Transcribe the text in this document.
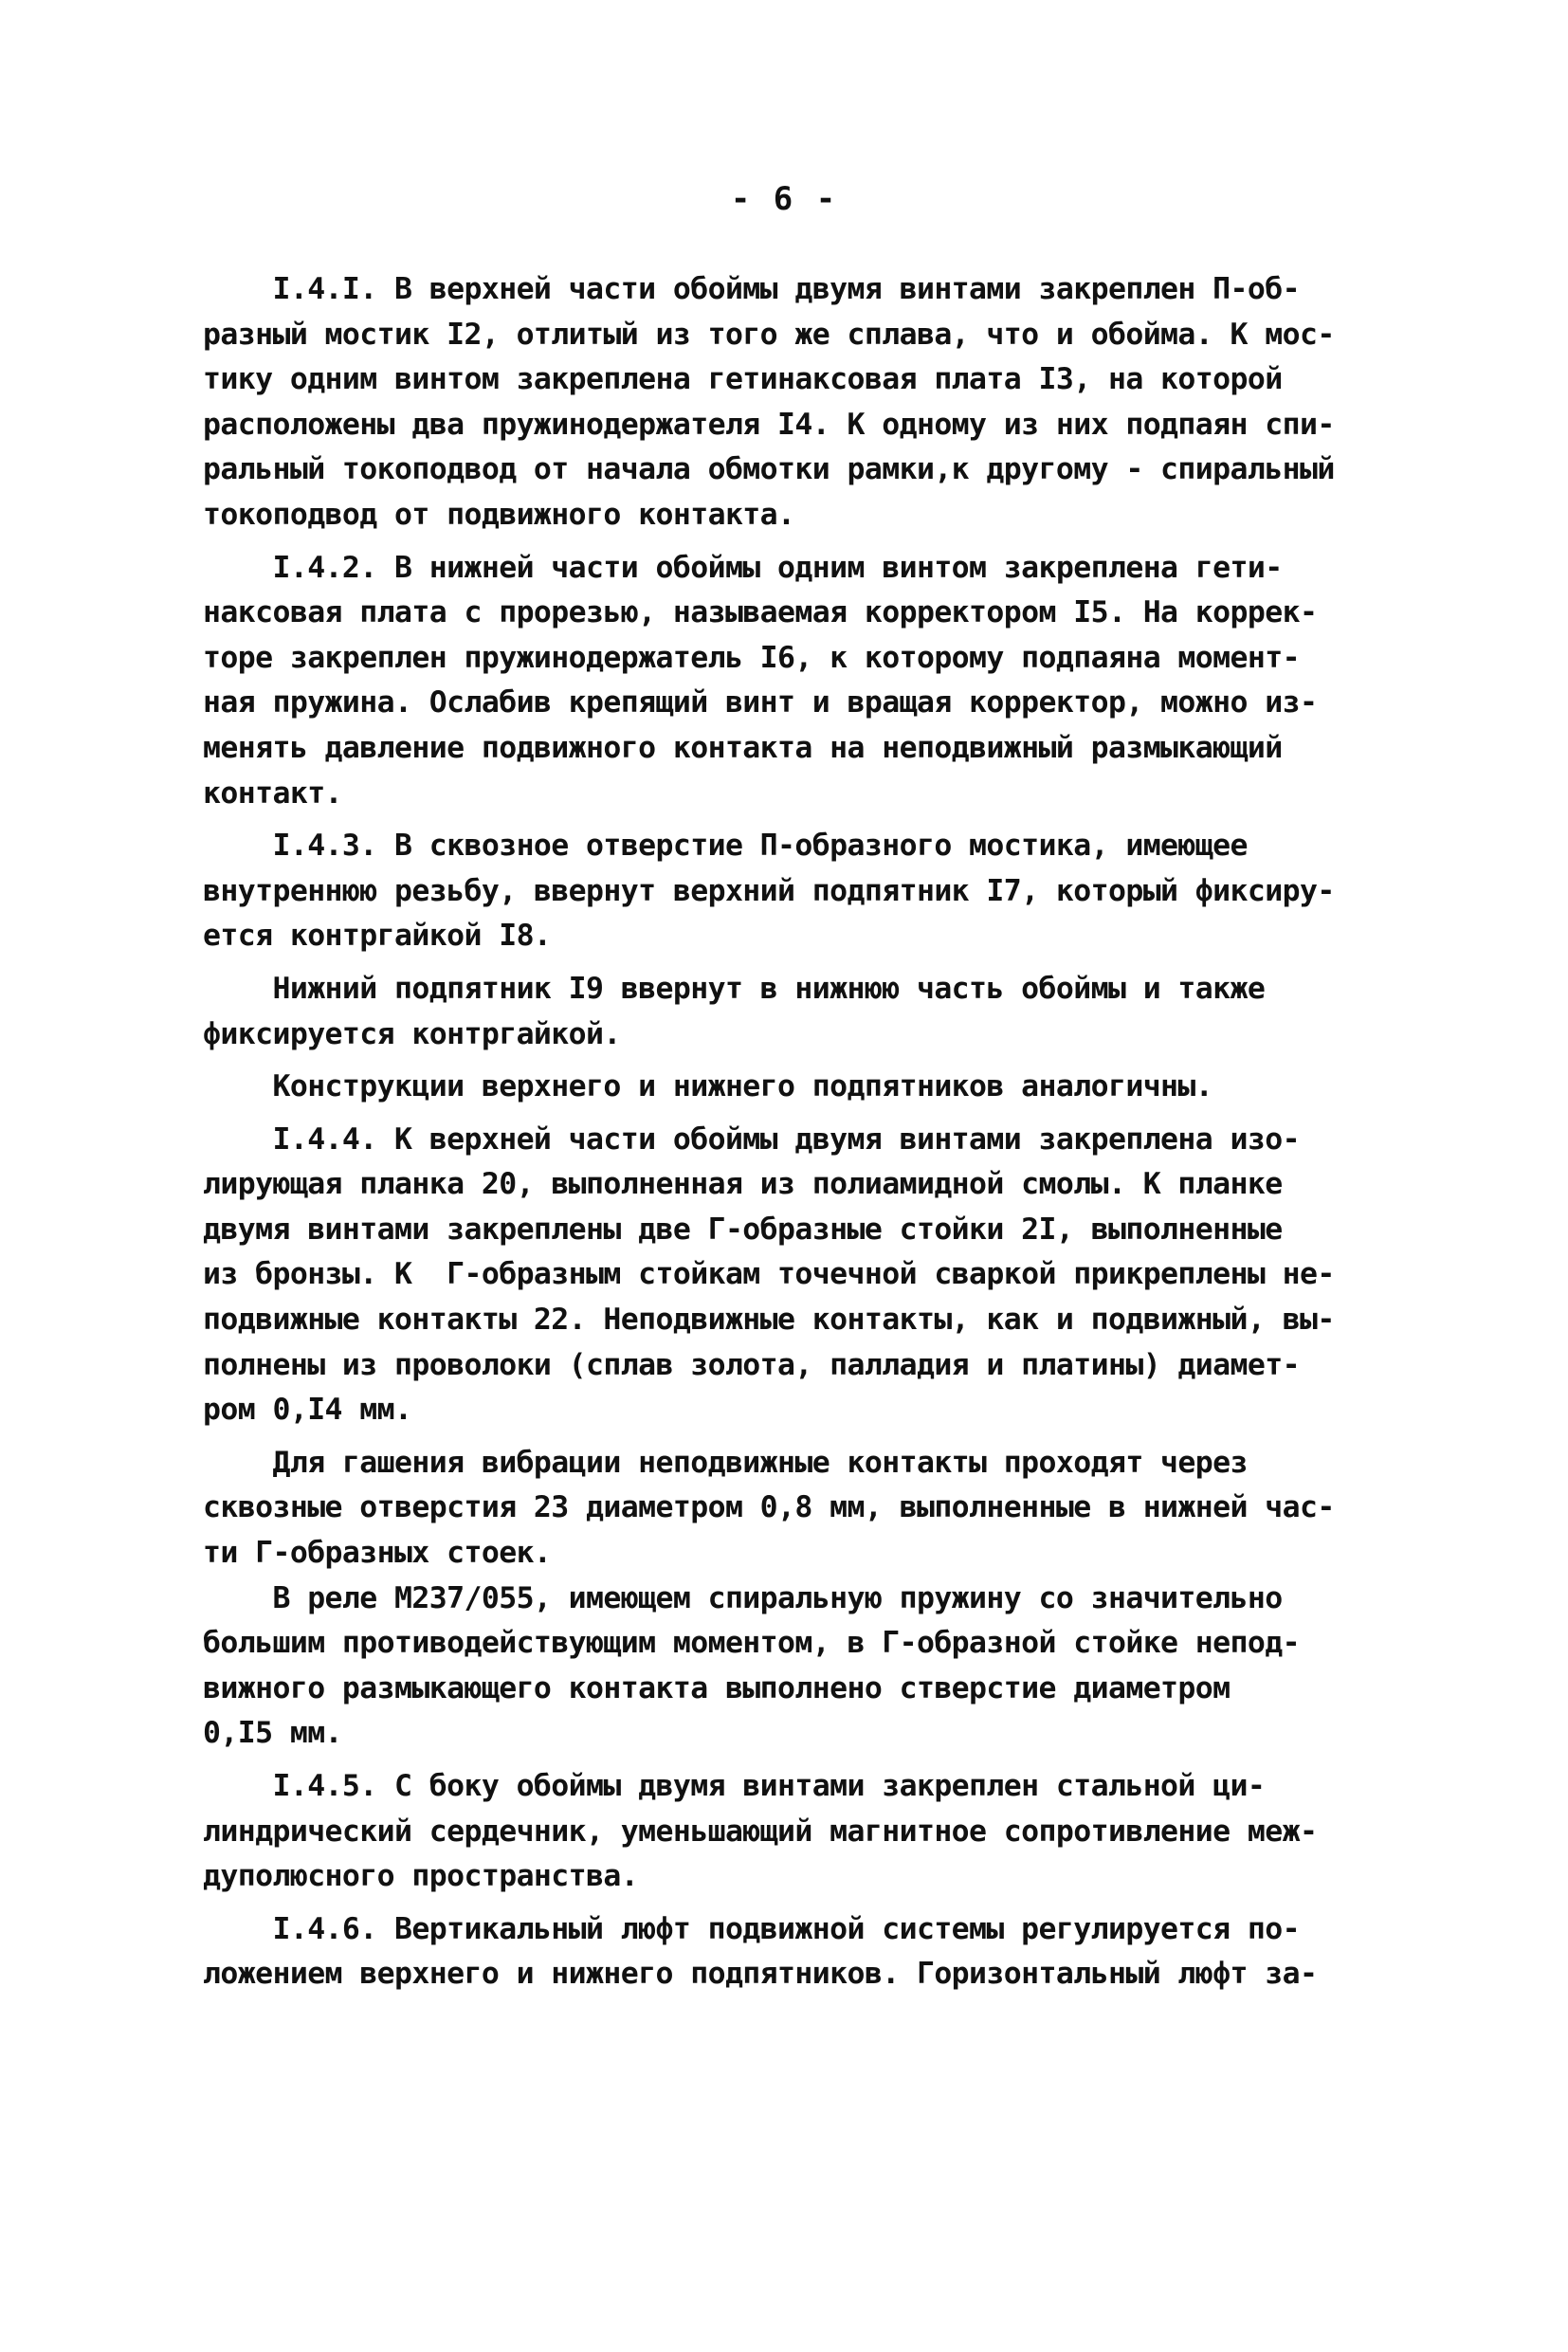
- 6 -
I.4.I. В верхней части обоймы двумя винтами закреплен П-об-
разный мостик I2, отлитый из того же сплава, что и обойма. К мос-
тику одним винтом закреплена гетинаксовая плата I3, на которой
расположены два пружинодержателя I4. К одному из них подпаян спи-
ральный токоподвод от начала обмотки рамки,к другому - спиральный
токоподвод от подвижного контакта.
I.4.2. В нижней части обоймы одним винтом закреплена гети-
наксовая плата с прорезью, называемая корректором I5. На коррек-
торе закреплен пружинодержатель I6, к которому подпаяна момент-
ная пружина. Ослабив крепящий винт и вращая корректор, можно из-
менять давление подвижного контакта на неподвижный размыкающий
контакт.
I.4.3. В сквозное отверстие П-образного мостика, имеющее
внутреннюю резьбу, ввернут верхний подпятник I7, который фиксиру-
ется контргайкой I8.
Нижний подпятник I9 ввернут в нижнюю часть обоймы и также
фиксируется контргайкой.
Конструкции верхнего и нижнего подпятников аналогичны.
I.4.4. К верхней части обоймы двумя винтами закреплена изо-
лирующая планка 20, выполненная из полиамидной смолы. К планке
двумя винтами закреплены две Г-образные стойки 2I, выполненные
из бронзы. К  Г-образным стойкам точечной сваркой прикреплены не-
подвижные контакты 22. Неподвижные контакты, как и подвижный, вы-
полнены из проволоки (сплав золота, палладия и платины) диамет-
ром 0,I4 мм.
Для гашения вибрации неподвижные контакты проходят через
сквозные отверстия 23 диаметром 0,8 мм, выполненные в нижней час-
ти Г-образных стоек.
В реле М237/055, имеющем спиральную пружину со значительно
большим противодействующим моментом, в Г-образной стойке непод-
вижного размыкающего контакта выполнено стверстие диаметром
0,I5 мм.
I.4.5. С боку обоймы двумя винтами закреплен стальной ци-
линдрический сердечник, уменьшающий магнитное сопротивление меж-
дуполюсного пространства.
I.4.6. Вертикальный люфт подвижной системы регулируется по-
ложением верхнего и нижнего подпятников. Горизонтальный люфт за-
